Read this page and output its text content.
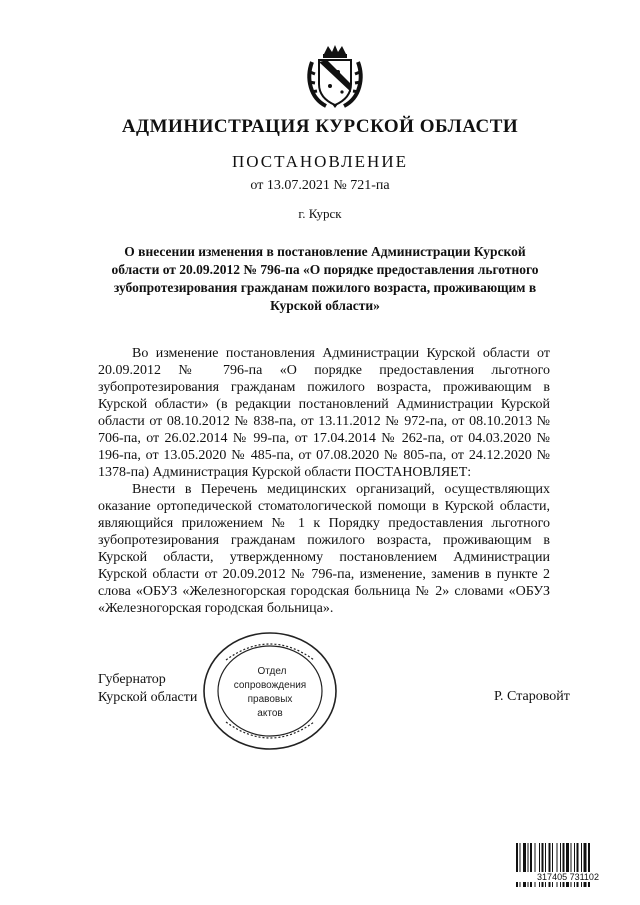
АДМИНИСТРАЦИЯ КУРСКОЙ ОБЛАСТИ
ПОСТАНОВЛЕНИЕ
от 13.07.2021 № 721-па
г. Курск
О внесении изменения в постановление Администрации Курской области от 20.09.2012 № 796-па «О порядке предоставления льготного зубопротезирования гражданам пожилого возраста, проживающим в Курской области»

Во изменение постановления Администрации Курской области от 20.09.2012 № 796-па «О порядке предоставления льготного зубопротезирования гражданам пожилого возраста, проживающим в Курской области» (в редакции постановлений Администрации Курской области от 08.10.2012 № 838-па, от 13.11.2012 № 972-па, от 08.10.2013 № 706-па, от 26.02.2014 № 99-па, от 17.04.2014 № 262-па, от 04.03.2020 № 196-па, от 13.05.2020 № 485-па, от 07.08.2020 № 805-па, от 24.12.2020 № 1378-па) Администрация Курской области ПОСТАНОВЛЯЕТ:

Внести в Перечень медицинских организаций, осуществляющих оказание ортопедической стоматологической помощи в Курской области, являющийся приложением № 1 к Порядку предоставления льготного зубопротезирования гражданам пожилого возраста, проживающим в Курской области, утвержденному постановлением Администрации Курской области от 20.09.2012 № 796-па, изменение, заменив в пункте 2 слова «ОБУЗ «Железногорская городская больница № 2» словами «ОБУЗ «Железногорская городская больница».

Губернатор
Курской области
Отдел
сопровождения
правовых
актов
Р. Старовойт
317405 731102
